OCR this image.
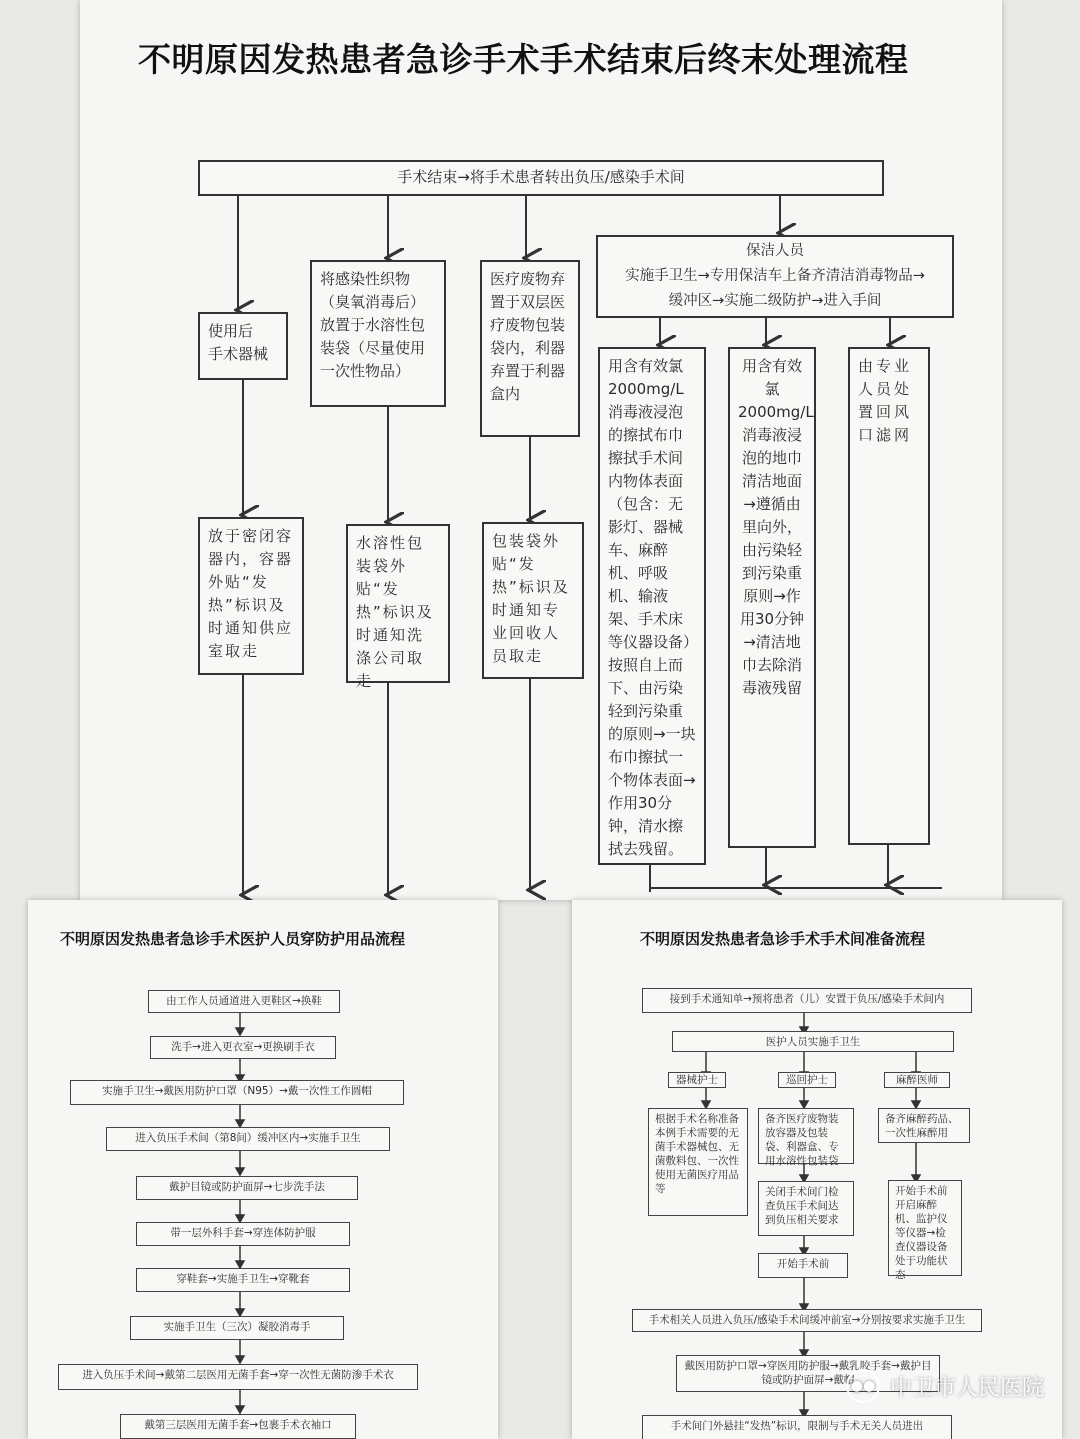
不明原因发热患者急诊手术手术结束后终末处理流程
手术结束→将手术患者转出负压/感染手术间
使用后
手术器械
放于密闭容器内，容器外贴“发热”标识及时通知供应室取走
将感染性织物（臭氧消毒后）放置于水溶性包装袋（尽量使用一次性物品）
水溶性包装袋外贴“发热”标识及时通知洗涤公司取走
医疗废物弃置于双层医疗废物包装袋内，利器弃置于利器盒内
包装袋外贴“发热”标识及时通知专业回收人员取走
保洁人员
实施手卫生→专用保洁车上备齐清洁消毒物品→
缓冲区→实施二级防护→进入手间
用含有效氯2000mg/L消毒液浸泡的擦拭布巾擦拭手术间内物体表面（包含：无影灯、器械车、麻醉机、呼吸机、输液架、手术床等仪器设备）按照自上而下、由污染轻到污染重的原则→一块布巾擦拭一个物体表面→作用30分钟，清水擦拭去残留。
用含有效氯2000mg/L消毒液浸泡的地巾清洁地面→遵循由里向外，由污染轻到污染重原则→作用30分钟→清洁地巾去除消毒液残留
由专业人员处置回风口滤网
不明原因发热患者急诊手术医护人员穿防护用品流程
由工作人员通道进入更鞋区→换鞋
洗手→进入更衣室→更换刷手衣
实施手卫生→戴医用防护口罩（N95）→戴一次性工作圆帽
进入负压手术间（第8间）缓冲区内→实施手卫生
戴护目镜或防护面屏→七步洗手法
带一层外科手套→穿连体防护服
穿鞋套→实施手卫生→穿靴套
实施手卫生（三次）凝胶消毒手
进入负压手术间→戴第二层医用无菌手套→穿一次性无菌防渗手术衣
戴第三层医用无菌手套→包裹手术衣袖口
不明原因发热患者急诊手术手术间准备流程
接到手术通知单→预将患者（儿）安置于负压/感染手术间内
医护人员实施手卫生
器械护士	巡回护士	麻醉医师
根据手术名称准备本例手术需要的无菌手术器械包、无菌敷料包、一次性使用无菌医疗用品等
备齐医疗废物装放容器及包装袋、利器盒、专用水溶性包装袋
关闭手术间门检查负压手术间达到负压相关要求
开始手术前
备齐麻醉药品、一次性麻醉用
开始手术前开启麻醉机、监护仪等仪器→检查仪器设备处于功能状态
手术相关人员进入负压/感染手术间缓冲前室→分别按要求实施手卫生
戴医用防护口罩→穿医用防护服→戴乳胶手套→戴护目镜或防护面屏→戴帽
手术间门外悬挂“发热”标识，限制与手术无关人员进出
●● 中卫市人民医院
